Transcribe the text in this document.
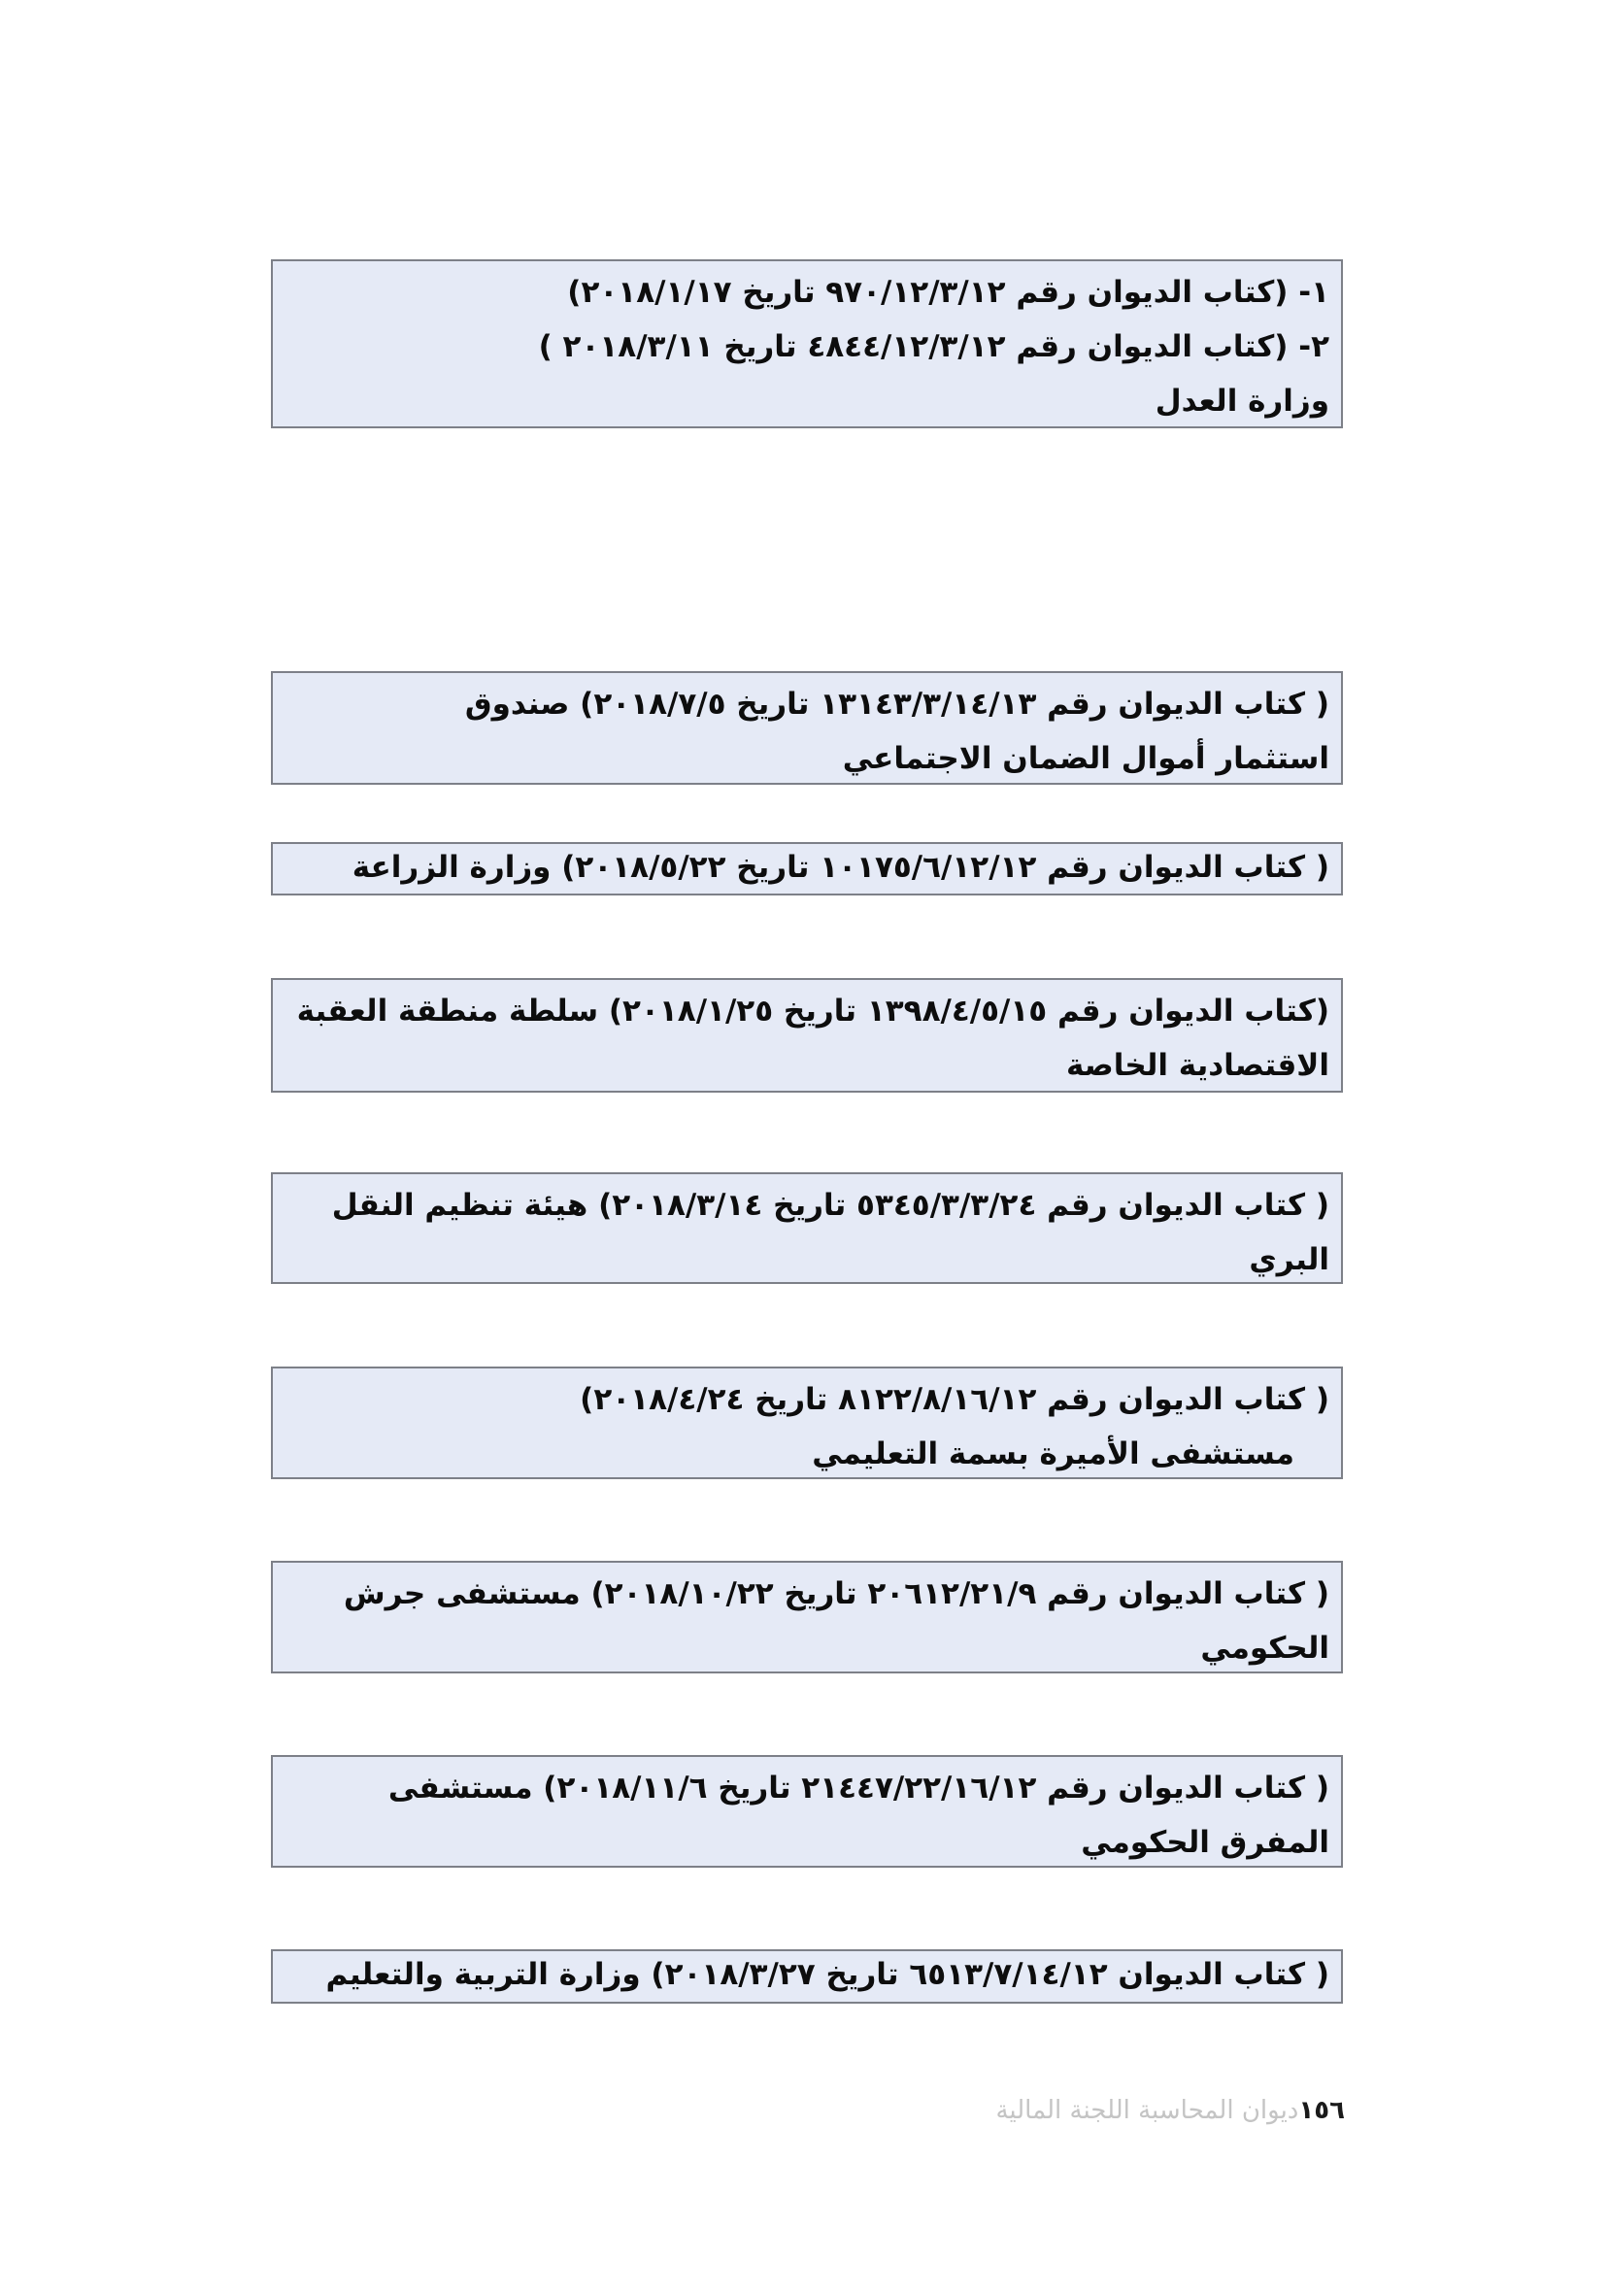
١- (كتاب الديوان رقم ٩٧٠/١٢/٣/١٢ تاريخ ٢٠١٨/١/١٧)
٢- (كتاب الديوان رقم ٤٨٤٤/١٢/٣/١٢ تاريخ ٢٠١٨/٣/١١ )
وزارة العدل
( كتاب الديوان رقم ١٣١٤٣/٣/١٤/١٣ تاريخ ٢٠١٨/٧/٥) صندوق
استثمار أموال الضمان الاجتماعي
( كتاب الديوان رقم ١٠١٧٥/٦/١٢/١٢ تاريخ ٢٠١٨/٥/٢٢) وزارة الزراعة
(كتاب الديوان رقم ١٣٩٨/٤/٥/١٥ تاريخ ٢٠١٨/١/٢٥) سلطة منطقة العقبة
الاقتصادية الخاصة
( كتاب الديوان رقم ٥٣٤٥/٣/٣/٢٤ تاريخ ٢٠١٨/٣/١٤) هيئة تنظيم النقل
البري
( كتاب الديوان رقم ٨١٢٢/٨/١٦/١٢ تاريخ ٢٠١٨/٤/٢٤)
مستشفى الأميرة بسمة التعليمي
( كتاب الديوان رقم ٢٠٦١٢/٢١/٩ تاريخ ٢٠١٨/١٠/٢٢) مستشفى جرش
الحكومي
( كتاب الديوان رقم ٢١٤٤٧/٢٢/١٦/١٢ تاريخ ٢٠١٨/١١/٦) مستشفى
المفرق الحكومي
( كتاب الديوان ٦٥١٣/٧/١٤/١٢ تاريخ ٢٠١٨/٣/٢٧) وزارة التربية والتعليم
١٥٦ديوان المحاسبة اللجنة المالية
